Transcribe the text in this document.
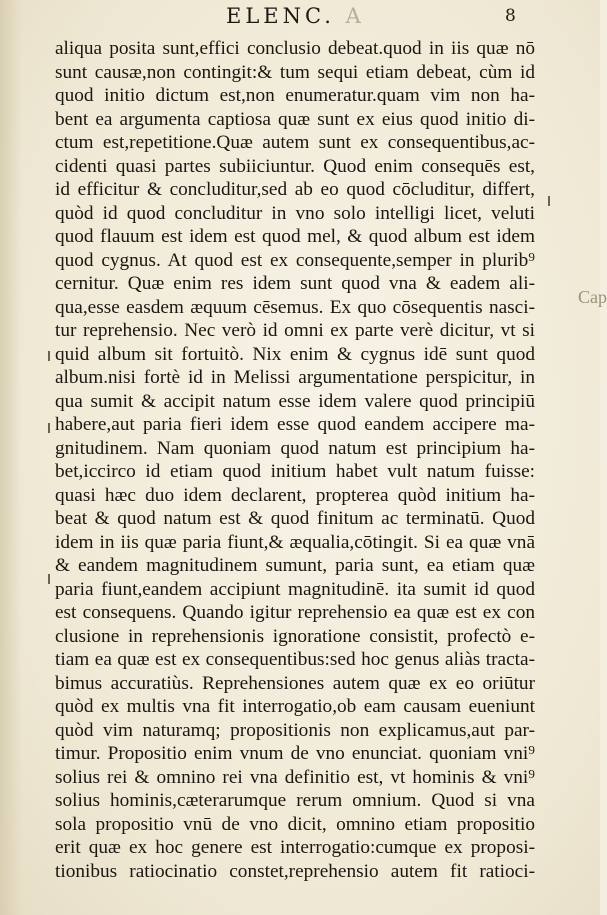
ELENC. A	8
aliqua posita sunt,effici conclusio debeat.quod in iis quæ nō
sunt causæ,non contingit:& tum sequi etiam debeat, cùm id
quod initio dictum est,non enumeratur.quam vim non ha-
bent ea argumenta captiosa quæ sunt ex eius quod initio di-
ctum est,repetitione.Quæ autem sunt ex consequentibus,ac-
cidenti quasi partes subiiciuntur. Quod enim consequēs est,
id efficitur & concluditur,sed ab eo quod cōcluditur, differt,
quòd id quod concluditur in vno solo intelligi licet, veluti
quod flauum est idem est quod mel, & quod album est idem
quod cygnus. At quod est ex consequente,semper in plurib⁹
cernitur. Quæ enim res idem sunt quod vna & eadem ali-
qua,esse easdem æquum cēsemus. Ex quo cōsequentis nasci-
tur reprehensio. Nec verò id omni ex parte verè dicitur, vt si
quid album sit fortuitò. Nix enim & cygnus idē sunt quod
album.nisi fortè id in Melissi argumentatione perspicitur, in
qua sumit & accipit natum esse idem valere quod principiū
habere,aut paria fieri idem esse quod eandem accipere ma-
gnitudinem. Nam quoniam quod natum est principium ha-
bet,iccirco id etiam quod initium habet vult natum fuisse:
quasi hæc duo idem declarent, propterea quòd initium ha-
beat & quod natum est & quod finitum ac terminatū. Quod
idem in iis quæ paria fiunt,& æqualia,cōtingit. Si ea quæ vnā
& eandem magnitudinem sumunt, paria sunt, ea etiam quæ
paria fiunt,eandem accipiunt magnitudinē. ita sumit id quod
est consequens. Quando igitur reprehensio ea quæ est ex con
clusione in reprehensionis ignoratione consistit, profectò e-
tiam ea quæ est ex consequentibus:sed hoc genus aliàs tracta-
bimus accuratiùs. Reprehensiones autem quæ ex eo oriūtur
quòd ex multis vna fit interrogatio,ob eam causam eueniunt
quòd vim naturamq; propositionis non explicamus,aut par-
timur. Propositio enim vnum de vno enunciat. quoniam vni⁹
solius rei & omnino rei vna definitio est, vt hominis & vni⁹
solius hominis,cæterarumque rerum omnium. Quod si vna
sola propositio vnū de vno dicit, omnino etiam propositio
erit quæ ex hoc genere est interrogatio:cumque ex proposi-
tionibus ratiocinatio constet,reprehensio autem fit ratioci-
Cap
